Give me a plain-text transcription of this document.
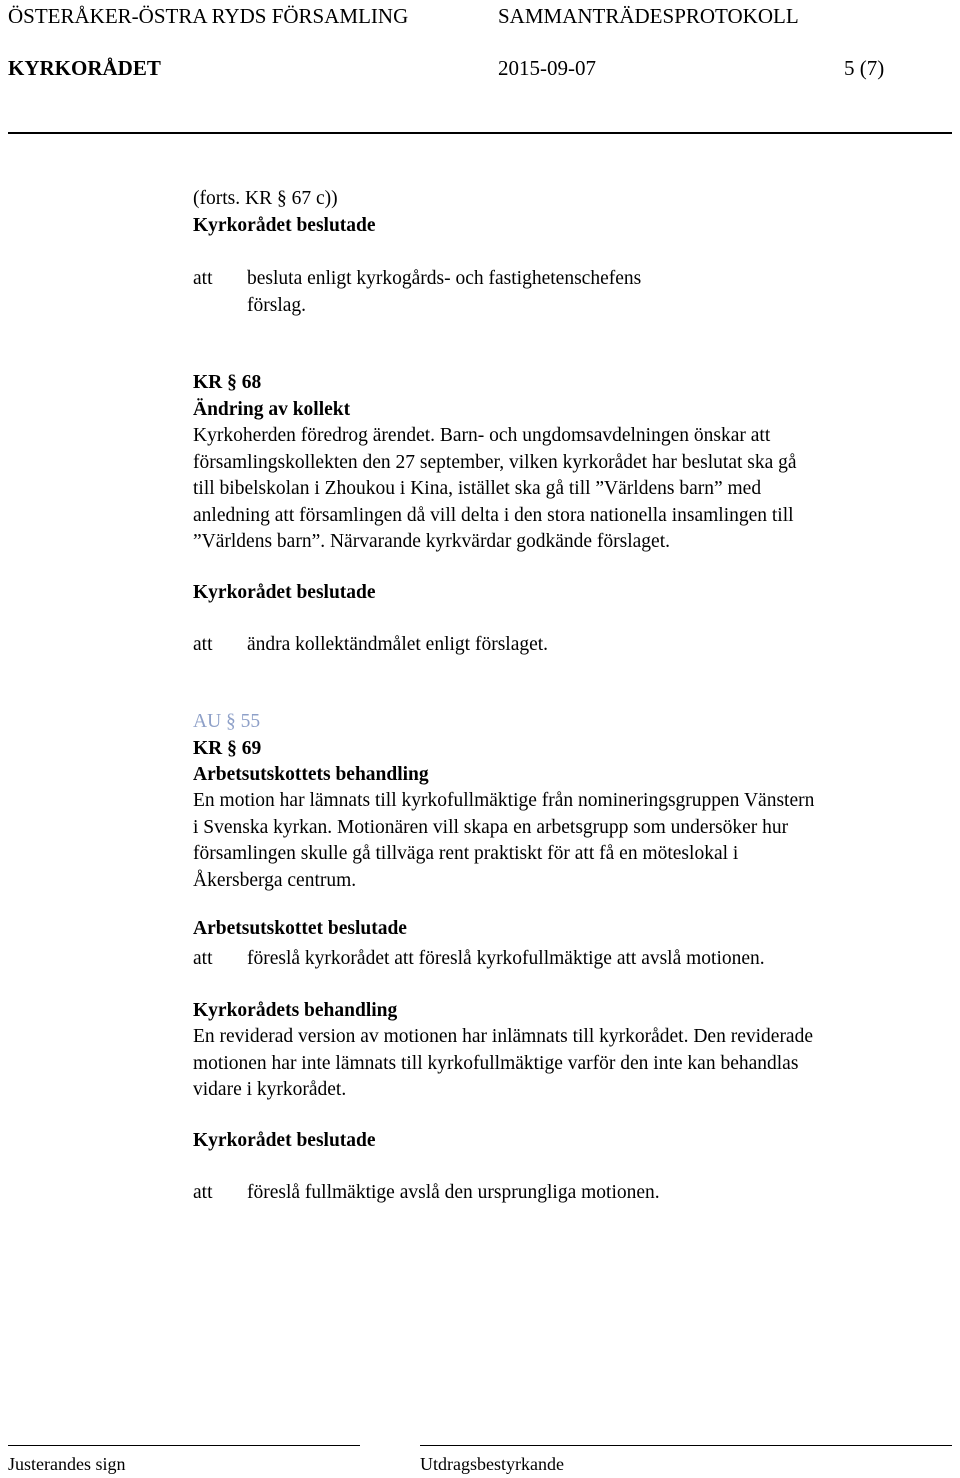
ÖSTERÅKER-ÖSTRA RYDS FÖRSAMLING	SAMMANTRÄDESPROTOKOLL
KYRKORÅDET	2015-09-07	5 (7)
(forts. KR § 67 c))
Kyrkorådet beslutade
att besluta enligt kyrkogårds- och fastighetenschefens
förslag.
KR § 68
Ändring av kollekt
Kyrkoherden föredrog ärendet. Barn- och ungdomsavdelningen önskar att
församlingskollekten den 27 september, vilken kyrkorådet har beslutat ska gå
till bibelskolan i Zhoukou i Kina, istället ska gå till ”Världens barn” med
anledning att församlingen då vill delta i den stora nationella insamlingen till
”Världens barn”. Närvarande kyrkvärdar godkände förslaget.
Kyrkorådet beslutade
att ändra kollektändmålet enligt förslaget.
AU § 55
KR § 69
Arbetsutskottets behandling
En motion har lämnats till kyrkofullmäktige från nomineringsgruppen Vänstern
i Svenska kyrkan. Motionären vill skapa en arbetsgrupp som undersöker hur
församlingen skulle gå tillväga rent praktiskt för att få en möteslokal i
Åkersberga centrum.
Arbetsutskottet beslutade
att föreslå kyrkorådet att föreslå kyrkofullmäktige att avslå motionen.
Kyrkorådets behandling
En reviderad version av motionen har inlämnats till kyrkorådet. Den reviderade
motionen har inte lämnats till kyrkofullmäktige varför den inte kan behandlas
vidare i kyrkorådet.
Kyrkorådet beslutade
att föreslå fullmäktige avslå den ursprungliga motionen.
Justerandes sign	Utdragsbestyrkande
